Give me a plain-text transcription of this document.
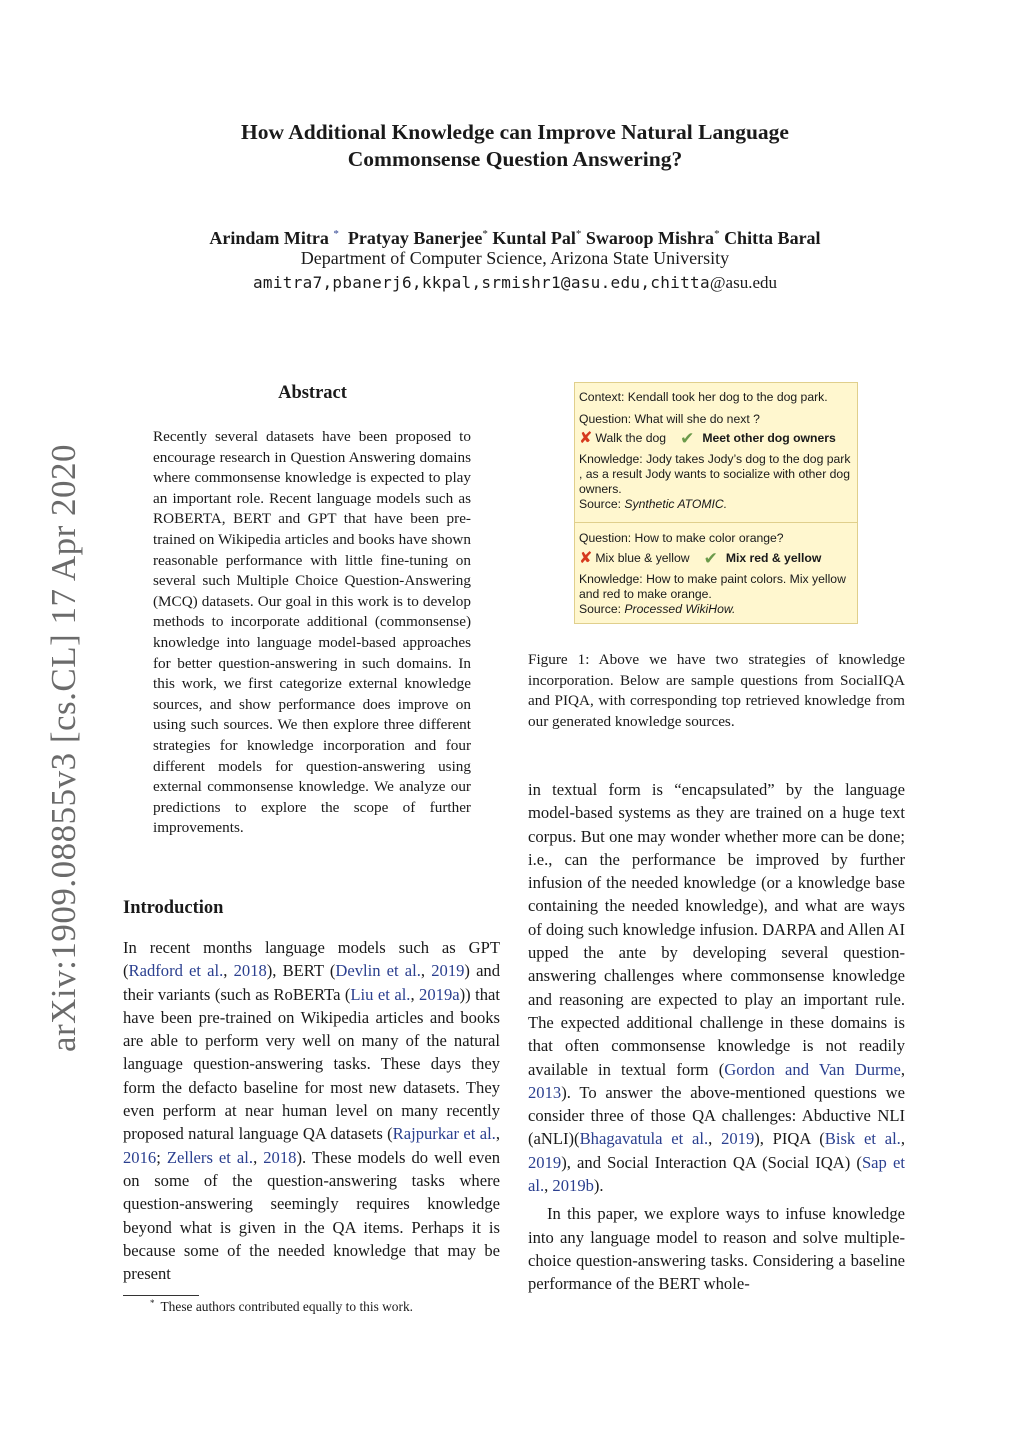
arXiv:1909.08855v3 [cs.CL] 17 Apr 2020
How Additional Knowledge can Improve Natural Language
Commonsense Question Answering?
Arindam Mitra * Pratyay Banerjee* Kuntal Pal* Swaroop Mishra* Chitta Baral
Department of Computer Science, Arizona State University
amitra7,pbanerj6,kkpal,srmishr1@asu.edu,chitta@asu.edu
Abstract
Recently several datasets have been proposed to encourage research in Question Answering domains where commonsense knowledge is expected to play an important role. Recent language models such as ROBERTA, BERT and GPT that have been pre-trained on Wikipedia articles and books have shown reasonable performance with little fine-tuning on several such Multiple Choice Question-Answering (MCQ) datasets. Our goal in this work is to develop methods to incorporate additional (commonsense) knowledge into language model-based approaches for better question-answering in such domains. In this work, we first categorize external knowledge sources, and show performance does improve on using such sources. We then explore three different strategies for knowledge incorporation and four different models for question-answering using external commonsense knowledge. We analyze our predictions to explore the scope of further improvements.
Introduction
In recent months language models such as GPT (Radford et al., 2018), BERT (Devlin et al., 2019) and their variants (such as RoBERTa (Liu et al., 2019a)) that have been pre-trained on Wikipedia articles and books are able to perform very well on many of the natural language question-answering tasks. These days they form the defacto baseline for most new datasets. They even perform at near human level on many recently proposed natural language QA datasets (Rajpurkar et al., 2016; Zellers et al., 2018). These models do well even on some of the question-answering tasks where question-answering seemingly requires knowledge beyond what is given in the QA items. Perhaps it is because some of the needed knowledge that may be present
* These authors contributed equally to this work.
Context: Kendall took her dog to the dog park.
Question: What will she do next ?
✘ Walk the dog ✔ Meet other dog owners
Knowledge: Jody takes Jody’s dog to the dog park , as a result Jody wants to socialize with other dog owners.
Source: Synthetic ATOMIC.
Question: How to make color orange?
✘ Mix blue & yellow ✔ Mix red & yellow
Knowledge: How to make paint colors. Mix yellow and red to make orange.
Source: Processed WikiHow.
Figure 1: Above we have two strategies of knowledge incorporation. Below are sample questions from SocialIQA and PIQA, with corresponding top retrieved knowledge from our generated knowledge sources.

in textual form is “encapsulated” by the language model-based systems as they are trained on a huge text corpus. But one may wonder whether more can be done; i.e., can the performance be improved by further infusion of the needed knowledge (or a knowledge base containing the needed knowledge), and what are ways of doing such knowledge infusion. DARPA and Allen AI upped the ante by developing several question-answering challenges where commonsense knowledge and reasoning are expected to play an important rule. The expected additional challenge in these domains is that often commonsense knowledge is not readily available in textual form (Gordon and Van Durme, 2013). To answer the above-mentioned questions we consider three of those QA challenges: Abductive NLI (aNLI)(Bhagavatula et al., 2019), PIQA (Bisk et al., 2019), and Social Interaction QA (Social IQA) (Sap et al., 2019b).

In this paper, we explore ways to infuse knowledge into any language model to reason and solve multiple-choice question-answering tasks. Considering a baseline performance of the BERT whole-
